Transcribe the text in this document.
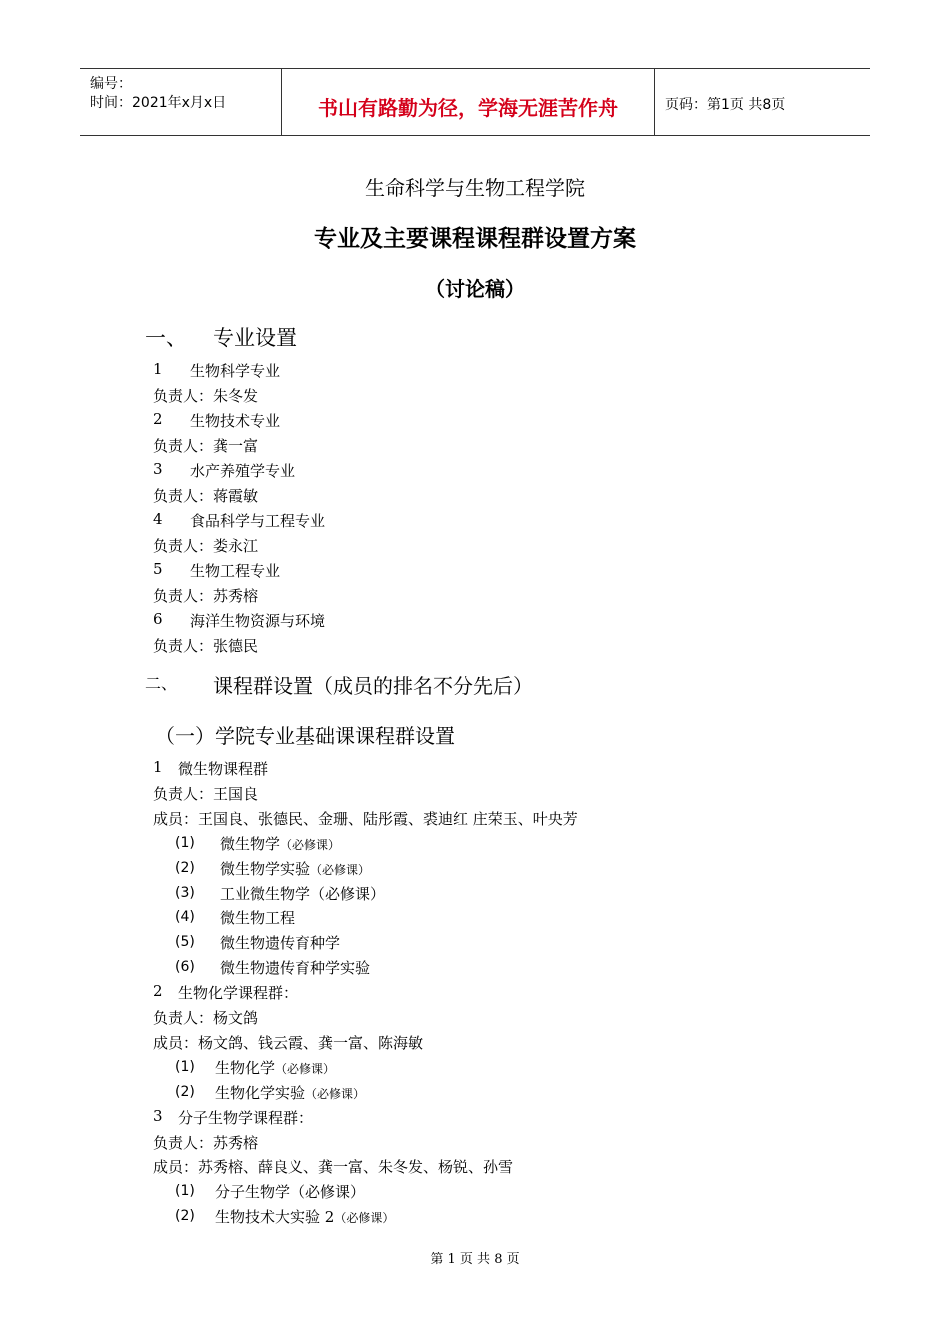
编号：
时间：2021年x月x日	书山有路勤为径，学海无涯苦作舟	页码：第1页 共8页
生命科学与生物工程学院
专业及主要课程课程群设置方案
（讨论稿）
一、 专业设置
1 生物科学专业
负责人：朱冬发
2 生物技术专业
负责人：龚一富
3 水产养殖学专业
负责人：蒋霞敏
4 食品科学与工程专业
负责人：娄永江
5 生物工程专业
负责人：苏秀榕
6 海洋生物资源与环境
负责人：张德民
二、 课程群设置（成员的排名不分先后）
（一）学院专业基础课课程群设置
1 微生物课程群
负责人：王国良
成员：王国良、张德民、金珊、陆彤霞、裘迪红 庄荣玉、叶央芳
(1) 微生物学（必修课）
(2) 微生物学实验（必修课）
(3) 工业微生物学（必修课）
(4) 微生物工程
(5) 微生物遗传育种学
(6) 微生物遗传育种学实验
2 生物化学课程群：
负责人：杨文鸽
成员：杨文鸽、钱云霞、龚一富、陈海敏
(1) 生物化学（必修课）
(2) 生物化学实验（必修课）
3 分子生物学课程群：
负责人：苏秀榕
成员：苏秀榕、薛良义、龚一富、朱冬发、杨锐、孙雪
(1) 分子生物学（必修课）
(2) 生物技术大实验 2（必修课）
第 1 页 共 8 页
